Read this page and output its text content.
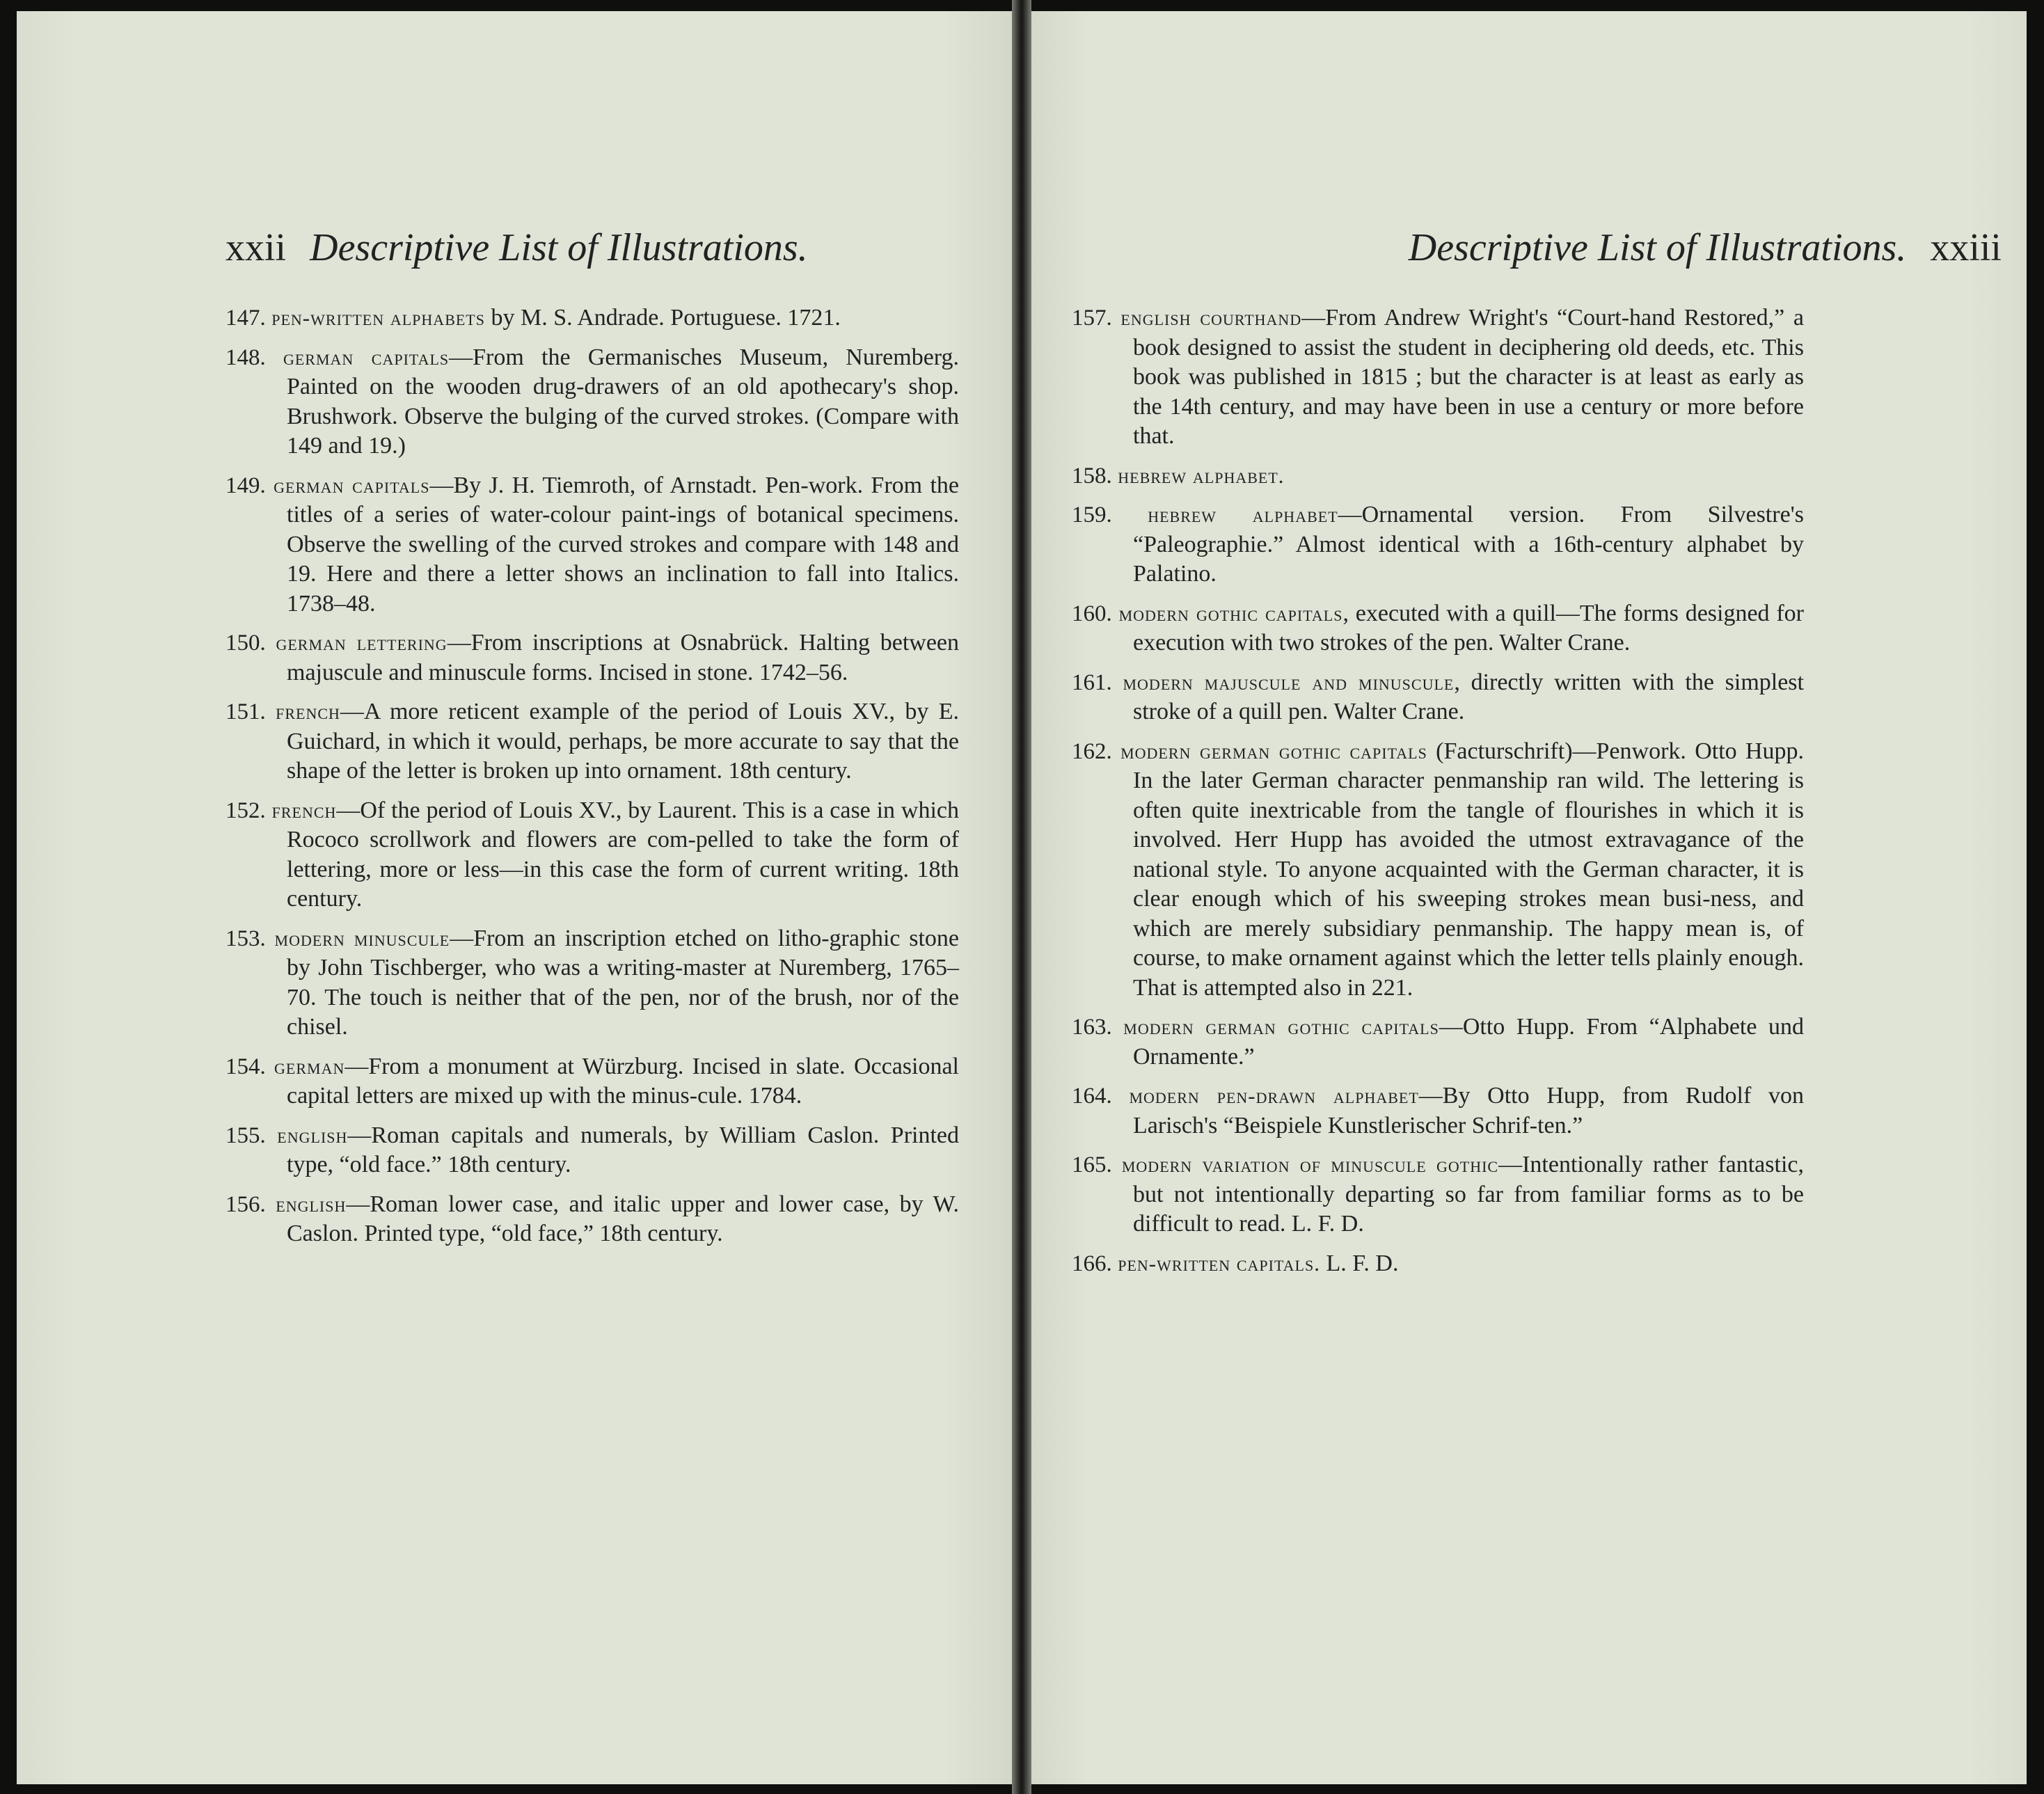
xxii Descriptive List of Illustrations.
147. pen-written alphabets by M. S. Andrade. Portuguese. 1721.
148. german capitals—From the Germanisches Museum, Nuremberg. Painted on the wooden drug-drawers of an old apothecary's shop. Brushwork. Observe the bulging of the curved strokes. (Compare with 149 and 19.)
149. german capitals—By J. H. Tiemroth, of Arnstadt. Pen-work. From the titles of a series of water-colour paint-ings of botanical specimens. Observe the swelling of the curved strokes and compare with 148 and 19. Here and there a letter shows an inclination to fall into Italics. 1738–48.
150. german lettering—From inscriptions at Osnabrück. Halting between majuscule and minuscule forms. Incised in stone. 1742–56.
151. french—A more reticent example of the period of Louis XV., by E. Guichard, in which it would, perhaps, be more accurate to say that the shape of the letter is broken up into ornament. 18th century.
152. french—Of the period of Louis XV., by Laurent. This is a case in which Rococo scrollwork and flowers are com-pelled to take the form of lettering, more or less—in this case the form of current writing. 18th century.
153. modern minuscule—From an inscription etched on litho-graphic stone by John Tischberger, who was a writing-master at Nuremberg, 1765–70. The touch is neither that of the pen, nor of the brush, nor of the chisel.
154. german—From a monument at Würzburg. Incised in slate. Occasional capital letters are mixed up with the minus-cule. 1784.
155. english—Roman capitals and numerals, by William Caslon. Printed type, “old face.” 18th century.
156. english—Roman lower case, and italic upper and lower case, by W. Caslon. Printed type, “old face,” 18th century.
Descriptive List of Illustrations. xxiii
157. english courthand—From Andrew Wright's “Court-hand Restored,” a book designed to assist the student in deciphering old deeds, etc. This book was published in 1815 ; but the character is at least as early as the 14th century, and may have been in use a century or more before that.
158. hebrew alphabet.
159. hebrew alphabet—Ornamental version. From Silvestre's “Paleographie.” Almost identical with a 16th-century alphabet by Palatino.
160. modern gothic capitals, executed with a quill—The forms designed for execution with two strokes of the pen. Walter Crane.
161. modern majuscule and minuscule, directly written with the simplest stroke of a quill pen. Walter Crane.
162. modern german gothic capitals (Facturschrift)—Penwork. Otto Hupp. In the later German character penmanship ran wild. The lettering is often quite inextricable from the tangle of flourishes in which it is involved. Herr Hupp has avoided the utmost extravagance of the national style. To anyone acquainted with the German character, it is clear enough which of his sweeping strokes mean busi-ness, and which are merely subsidiary penmanship. The happy mean is, of course, to make ornament against which the letter tells plainly enough. That is attempted also in 221.
163. modern german gothic capitals—Otto Hupp. From “Alphabete und Ornamente.”
164. modern pen-drawn alphabet—By Otto Hupp, from Rudolf von Larisch's “Beispiele Kunstlerischer Schrif-ten.”
165. modern variation of minuscule gothic—Intentionally rather fantastic, but not intentionally departing so far from familiar forms as to be difficult to read. L. F. D.
166. pen-written capitals. L. F. D.
